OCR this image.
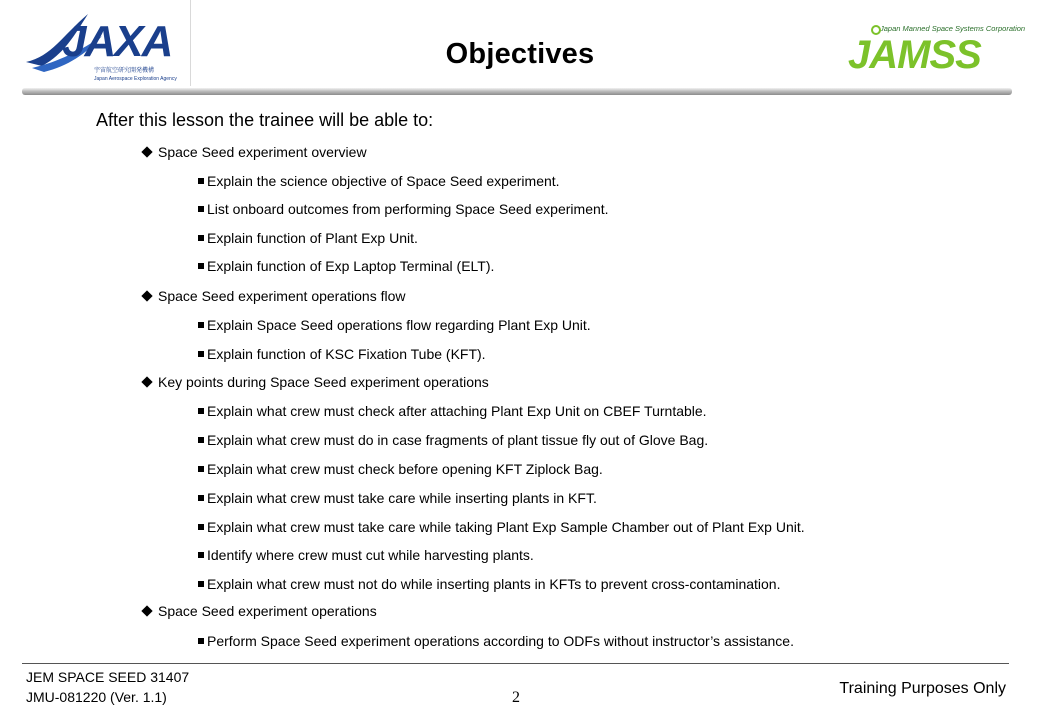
JAXA
宇宙航空研究開発機構
Japan Aerospace Exploration Agency
Objectives
Japan Manned Space Systems Corporation
JAMSS
After this lesson the trainee will be able to:
Space Seed experiment overview
Explain the science objective of Space Seed experiment.
List onboard outcomes from performing Space Seed experiment.
Explain function of Plant Exp Unit.
Explain function of Exp Laptop Terminal (ELT).
Space Seed experiment operations flow
Explain Space Seed operations flow regarding Plant Exp Unit.
Explain function of KSC Fixation Tube (KFT).
Key points during Space Seed experiment operations
Explain what crew must check after attaching Plant Exp Unit on CBEF Turntable.
Explain what crew must do in case fragments of plant tissue fly out of Glove Bag.
Explain what crew must check before opening KFT Ziplock Bag.
Explain what crew must take care while inserting plants in KFT.
Explain what crew must take care while taking Plant Exp Sample Chamber out of Plant Exp Unit.
Identify where crew must cut while harvesting plants.
Explain what crew must not do while inserting plants in KFTs to prevent cross-contamination.
Space Seed experiment operations
Perform Space Seed experiment operations according to ODFs without instructor’s assistance.
JEM SPACE SEED 31407
JMU-081220 (Ver. 1.1)	2
Training Purposes Only
